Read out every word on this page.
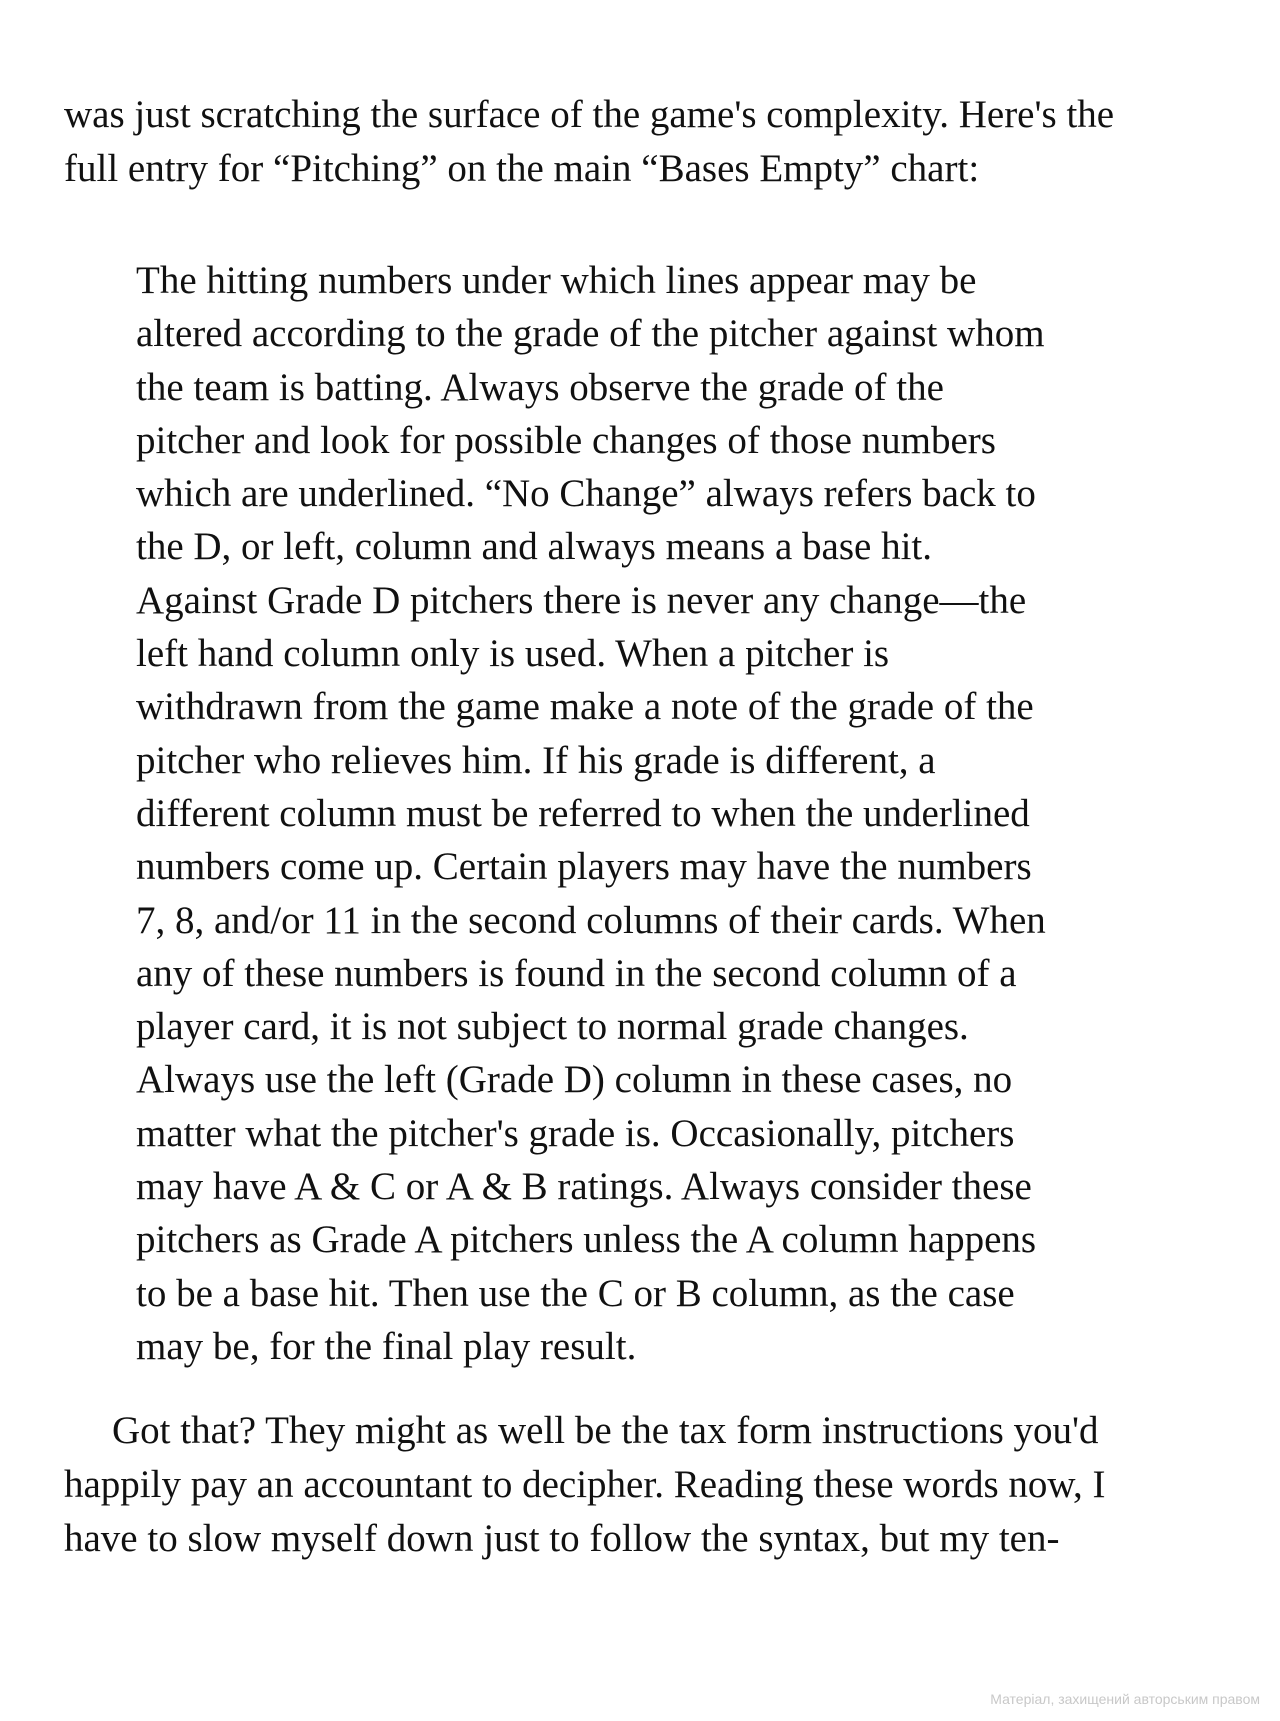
was just scratching the surface of the game's complexity. Here's the
full entry for “Pitching” on the main “Bases Empty” chart:

The hitting numbers under which lines appear may be
altered according to the grade of the pitcher against whom
the team is batting. Always observe the grade of the
pitcher and look for possible changes of those numbers
which are underlined. “No Change” always refers back to
the D, or left, column and always means a base hit.
Against Grade D pitchers there is never any change—the
left hand column only is used. When a pitcher is
withdrawn from the game make a note of the grade of the
pitcher who relieves him. If his grade is different, a
different column must be referred to when the underlined
numbers come up. Certain players may have the numbers
7, 8, and/or 11 in the second columns of their cards. When
any of these numbers is found in the second column of a
player card, it is not subject to normal grade changes.
Always use the left (Grade D) column in these cases, no
matter what the pitcher's grade is. Occasionally, pitchers
may have A & C or A & B ratings. Always consider these
pitchers as Grade A pitchers unless the A column happens
to be a base hit. Then use the C or B column, as the case
may be, for the final play result.

Got that? They might as well be the tax form instructions you'd
happily pay an accountant to decipher. Reading these words now, I
have to slow myself down just to follow the syntax, but my ten-

Матеріал, захищений авторським правом
